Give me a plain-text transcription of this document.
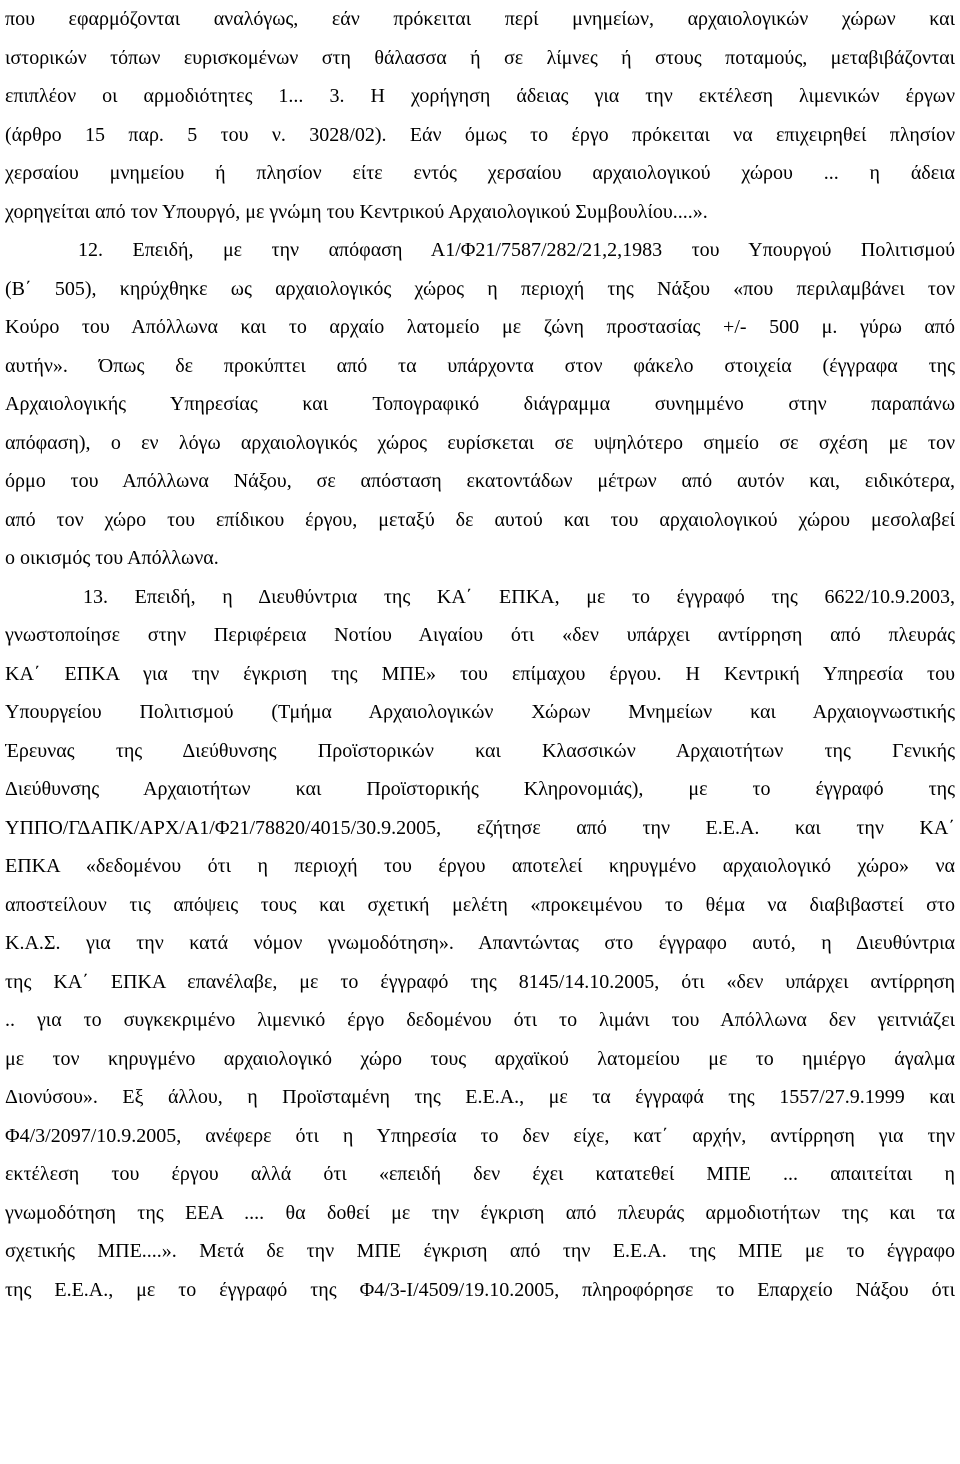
που εφαρμόζονται αναλόγως, εάν πρόκειται περί μνημείων, αρχαιολογικών χώρων και
ιστορικών τόπων ευρισκομένων στη θάλασσα ή σε λίμνες ή στους ποταμούς, μεταβιβάζονται
επιπλέον οι αρμοδιότητες 1... 3. Η χορήγηση άδειας για την εκτέλεση λιμενικών έργων
(άρθρο 15 παρ. 5 του ν. 3028/02). Εάν όμως το έργο πρόκειται να επιχειρηθεί πλησίον
χερσαίου μνημείου ή πλησίον είτε εντός χερσαίου αρχαιολογικού χώρου ... η άδεια
χορηγείται από τον Υπουργό, με γνώμη του Κεντρικού Αρχαιολογικού Συμβουλίου....».
12. Επειδή, με την απόφαση Α1/Φ21/7587/282/21,2,1983 του Υπουργού Πολιτισμού
(Β΄ 505), κηρύχθηκε ως αρχαιολογικός χώρος η περιοχή της Νάξου «που περιλαμβάνει τον
Κούρο του Απόλλωνα και το αρχαίο λατομείο με ζώνη προστασίας +/- 500 μ. γύρω από
αυτήν». Όπως δε προκύπτει από τα υπάρχοντα στον φάκελο στοιχεία (έγγραφα της
Αρχαιολογικής Υπηρεσίας και Τοπογραφικό διάγραμμα συνημμένο στην παραπάνω
απόφαση), ο εν λόγω αρχαιολογικός χώρος ευρίσκεται σε υψηλότερο σημείο σε σχέση με τον
όρμο του Απόλλωνα Νάξου, σε απόσταση εκατοντάδων μέτρων από αυτόν και, ειδικότερα,
από τον χώρο του επίδικου έργου, μεταξύ δε αυτού και του αρχαιολογικού χώρου μεσολαβεί
ο οικισμός του Απόλλωνα.
13. Επειδή, η Διευθύντρια της ΚΑ΄ ΕΠΚΑ, με το έγγραφό της 6622/10.9.2003,
γνωστοποίησε στην Περιφέρεια Νοτίου Αιγαίου ότι «δεν υπάρχει αντίρρηση από πλευράς
ΚΑ΄ ΕΠΚΑ για την έγκριση της ΜΠΕ» του επίμαχου έργου. Η Κεντρική Υπηρεσία του
Υπουργείου Πολιτισμού (Τμήμα Αρχαιολογικών Χώρων Μνημείων και Αρχαιογνωστικής
Έρευνας της Διεύθυνσης Προϊστορικών και Κλασσικών Αρχαιοτήτων της Γενικής
Διεύθυνσης Αρχαιοτήτων και Προϊστορικής Κληρονομιάς), με το έγγραφό της
ΥΠΠΟ/ΓΔΑΠΚ/ΑΡΧ/Α1/Φ21/78820/4015/30.9.2005, εζήτησε από την Ε.Ε.Α. και την ΚΑ΄
ΕΠΚΑ «δεδομένου ότι η περιοχή του έργου αποτελεί κηρυγμένο αρχαιολογικό χώρο» να
αποστείλουν τις απόψεις τους και σχετική μελέτη «προκειμένου το θέμα να διαβιβαστεί στο
Κ.Α.Σ. για την κατά νόμον γνωμοδότηση». Απαντώντας στο έγγραφο αυτό, η Διευθύντρια
της ΚΑ΄ ΕΠΚΑ επανέλαβε, με το έγγραφό της 8145/14.10.2005, ότι «δεν υπάρχει αντίρρηση
.. για το συγκεκριμένο λιμενικό έργο δεδομένου ότι το λιμάνι του Απόλλωνα δεν γειτνιάζει
με τον κηρυγμένο αρχαιολογικό χώρο τους αρχαϊκού λατομείου με το ημιέργο άγαλμα
Διονύσου». Εξ άλλου, η Προϊσταμένη της Ε.Ε.Α., με τα έγγραφά της 1557/27.9.1999 και
Φ4/3/2097/10.9.2005, ανέφερε ότι η Υπηρεσία το δεν είχε, κατ΄ αρχήν, αντίρρηση για την
εκτέλεση του έργου αλλά ότι «επειδή δεν έχει κατατεθεί ΜΠΕ ... απαιτείται η
γνωμοδότηση της ΕΕΑ .... θα δοθεί με την έγκριση από πλευράς αρμοδιοτήτων της και τα
σχετικής ΜΠΕ....». Μετά δε την ΜΠΕ έγκριση από την Ε.Ε.Α. της ΜΠΕ με το έγγραφο
της Ε.Ε.Α., με το έγγραφό της Φ4/3-Ι/4509/19.10.2005, πληροφόρησε το Επαρχείο Νάξου ότι
